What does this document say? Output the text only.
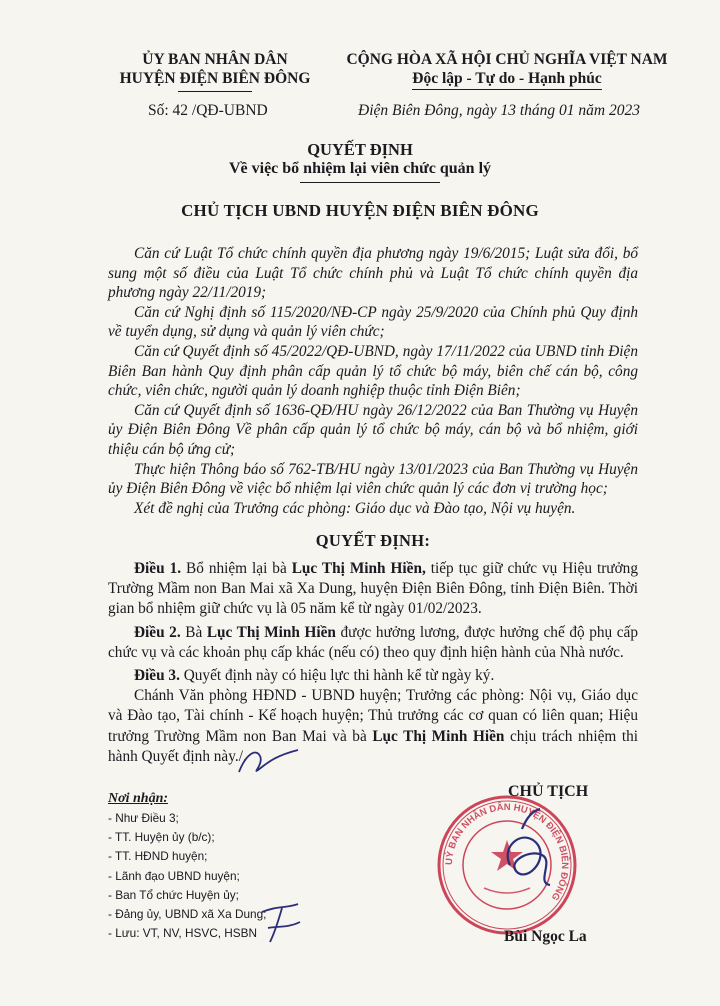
ỦY BAN NHÂN DÂN
HUYỆN ĐIỆN BIÊN ĐÔNG
CỘNG HÒA XÃ HỘI CHỦ NGHĨA VIỆT NAM
Độc lập - Tự do - Hạnh phúc
Số: 42 /QĐ-UBND	Điện Biên Đông, ngày 13 tháng 01 năm 2023
QUYẾT ĐỊNH
Về việc bổ nhiệm lại viên chức quản lý
CHỦ TỊCH UBND HUYỆN ĐIỆN BIÊN ĐÔNG

Căn cứ Luật Tổ chức chính quyền địa phương ngày 19/6/2015; Luật sửa đổi, bổ sung một số điều của Luật Tổ chức chính phủ và Luật Tổ chức chính quyền địa phương ngày 22/11/2019;

Căn cứ Nghị định số 115/2020/NĐ-CP ngày 25/9/2020 của Chính phủ Quy định về tuyển dụng, sử dụng và quản lý viên chức;

Căn cứ Quyết định số 45/2022/QĐ-UBND, ngày 17/11/2022 của UBND tỉnh Điện Biên Ban hành Quy định phân cấp quản lý tổ chức bộ máy, biên chế cán bộ, công chức, viên chức, người quản lý doanh nghiệp thuộc tỉnh Điện Biên;

Căn cứ Quyết định số 1636-QĐ/HU ngày 26/12/2022 của Ban Thường vụ Huyện ủy Điện Biên Đông Về phân cấp quản lý tổ chức bộ máy, cán bộ và bổ nhiệm, giới thiệu cán bộ ứng cử;

Thực hiện Thông báo số 762-TB/HU ngày 13/01/2023 của Ban Thường vụ Huyện ủy Điện Biên Đông về việc bổ nhiệm lại viên chức quản lý các đơn vị trường học;

Xét đề nghị của Trưởng các phòng: Giáo dục và Đào tạo, Nội vụ huyện.

QUYẾT ĐỊNH:

Điều 1. Bổ nhiệm lại bà Lục Thị Minh Hiền, tiếp tục giữ chức vụ Hiệu trưởng Trường Mầm non Ban Mai xã Xa Dung, huyện Điện Biên Đông, tỉnh Điện Biên. Thời gian bổ nhiệm giữ chức vụ là 05 năm kể từ ngày 01/02/2023.

Điều 2. Bà Lục Thị Minh Hiền được hưởng lương, được hưởng chế độ phụ cấp chức vụ và các khoản phụ cấp khác (nếu có) theo quy định hiện hành của Nhà nước.

Điều 3. Quyết định này có hiệu lực thi hành kể từ ngày ký.

Chánh Văn phòng HĐND - UBND huyện; Trưởng các phòng: Nội vụ, Giáo dục và Đào tạo, Tài chính - Kế hoạch huyện; Thủ trưởng các cơ quan có liên quan; Hiệu trưởng Trường Mầm non Ban Mai và bà Lục Thị Minh Hiền chịu trách nhiệm thi hành Quyết định này./.

Nơi nhận:
- Như Điều 3;
- TT. Huyện ủy (b/c);
- TT. HĐND huyện;
- Lãnh đạo UBND huyện;
- Ban Tổ chức Huyện ủy;
- Đảng ủy, UBND xã Xa Dung;
- Lưu: VT, NV, HSVC, HSBN
UỶ BAN NHÂN DÂN HUYỆN ĐIỆN BIÊN ĐÔNG
CHỦ TỊCH
Bùi Ngọc La
